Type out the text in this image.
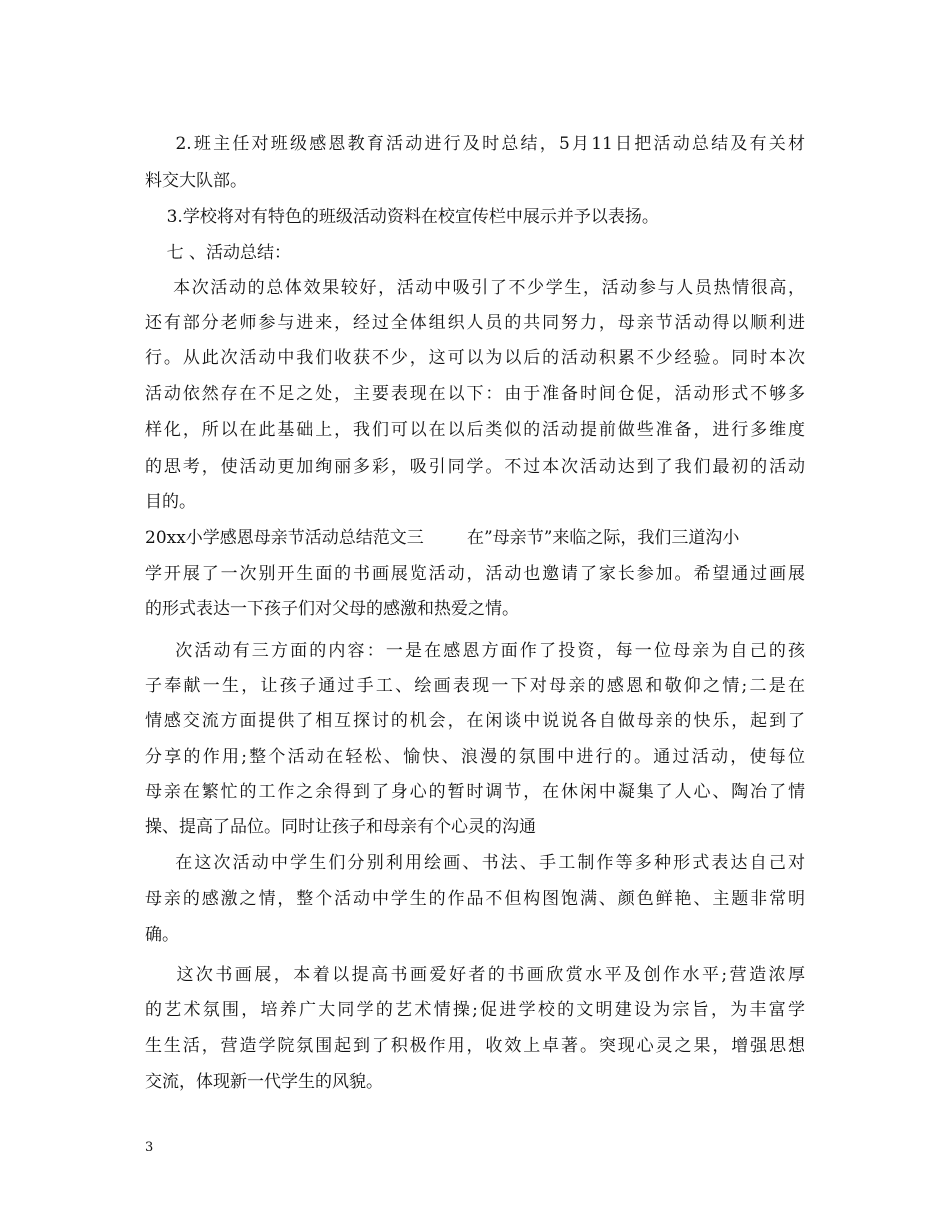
2.班主任对班级感恩教育活动进行及时总结，5月11日把活动总结及有关材
料交大队部。
3.学校将对有特色的班级活动资料在校宣传栏中展示并予以表扬。
七 、活动总结：
本次活动的总体效果较好，活动中吸引了不少学生，活动参与人员热情很高，
还有部分老师参与进来，经过全体组织人员的共同努力，母亲节活动得以顺利进
行。从此次活动中我们收获不少，这可以为以后的活动积累不少经验。同时本次
活动依然存在不足之处，主要表现在以下：由于准备时间仓促，活动形式不够多
样化，所以在此基础上，我们可以在以后类似的活动提前做些准备，进行多维度
的思考，使活动更加绚丽多彩，吸引同学。不过本次活动达到了我们最初的活动
目的。
20xx小学感恩母亲节活动总结范文三        在”母亲节”来临之际，我们三道沟小
学开展了一次别开生面的书画展览活动，活动也邀请了家长参加。希望通过画展
的形式表达一下孩子们对父母的感激和热爱之情。
次活动有三方面的内容：一是在感恩方面作了投资，每一位母亲为自己的孩
子奉献一生，让孩子通过手工、绘画表现一下对母亲的感恩和敬仰之情;二是在
情感交流方面提供了相互探讨的机会，在闲谈中说说各自做母亲的快乐，起到了
分享的作用;整个活动在轻松、愉快、浪漫的氛围中进行的。通过活动，使每位
母亲在繁忙的工作之余得到了身心的暂时调节，在休闲中凝集了人心、陶冶了情
操、提高了品位。同时让孩子和母亲有个心灵的沟通
在这次活动中学生们分别利用绘画、书法、手工制作等多种形式表达自己对
母亲的感激之情，整个活动中学生的作品不但构图饱满、颜色鲜艳、主题非常明
确。
这次书画展，本着以提高书画爱好者的书画欣赏水平及创作水平;营造浓厚
的艺术氛围，培养广大同学的艺术情操;促进学校的文明建设为宗旨，为丰富学
生生活，营造学院氛围起到了积极作用，收效上卓著。突现心灵之果，增强思想
交流，体现新一代学生的风貌。
3
